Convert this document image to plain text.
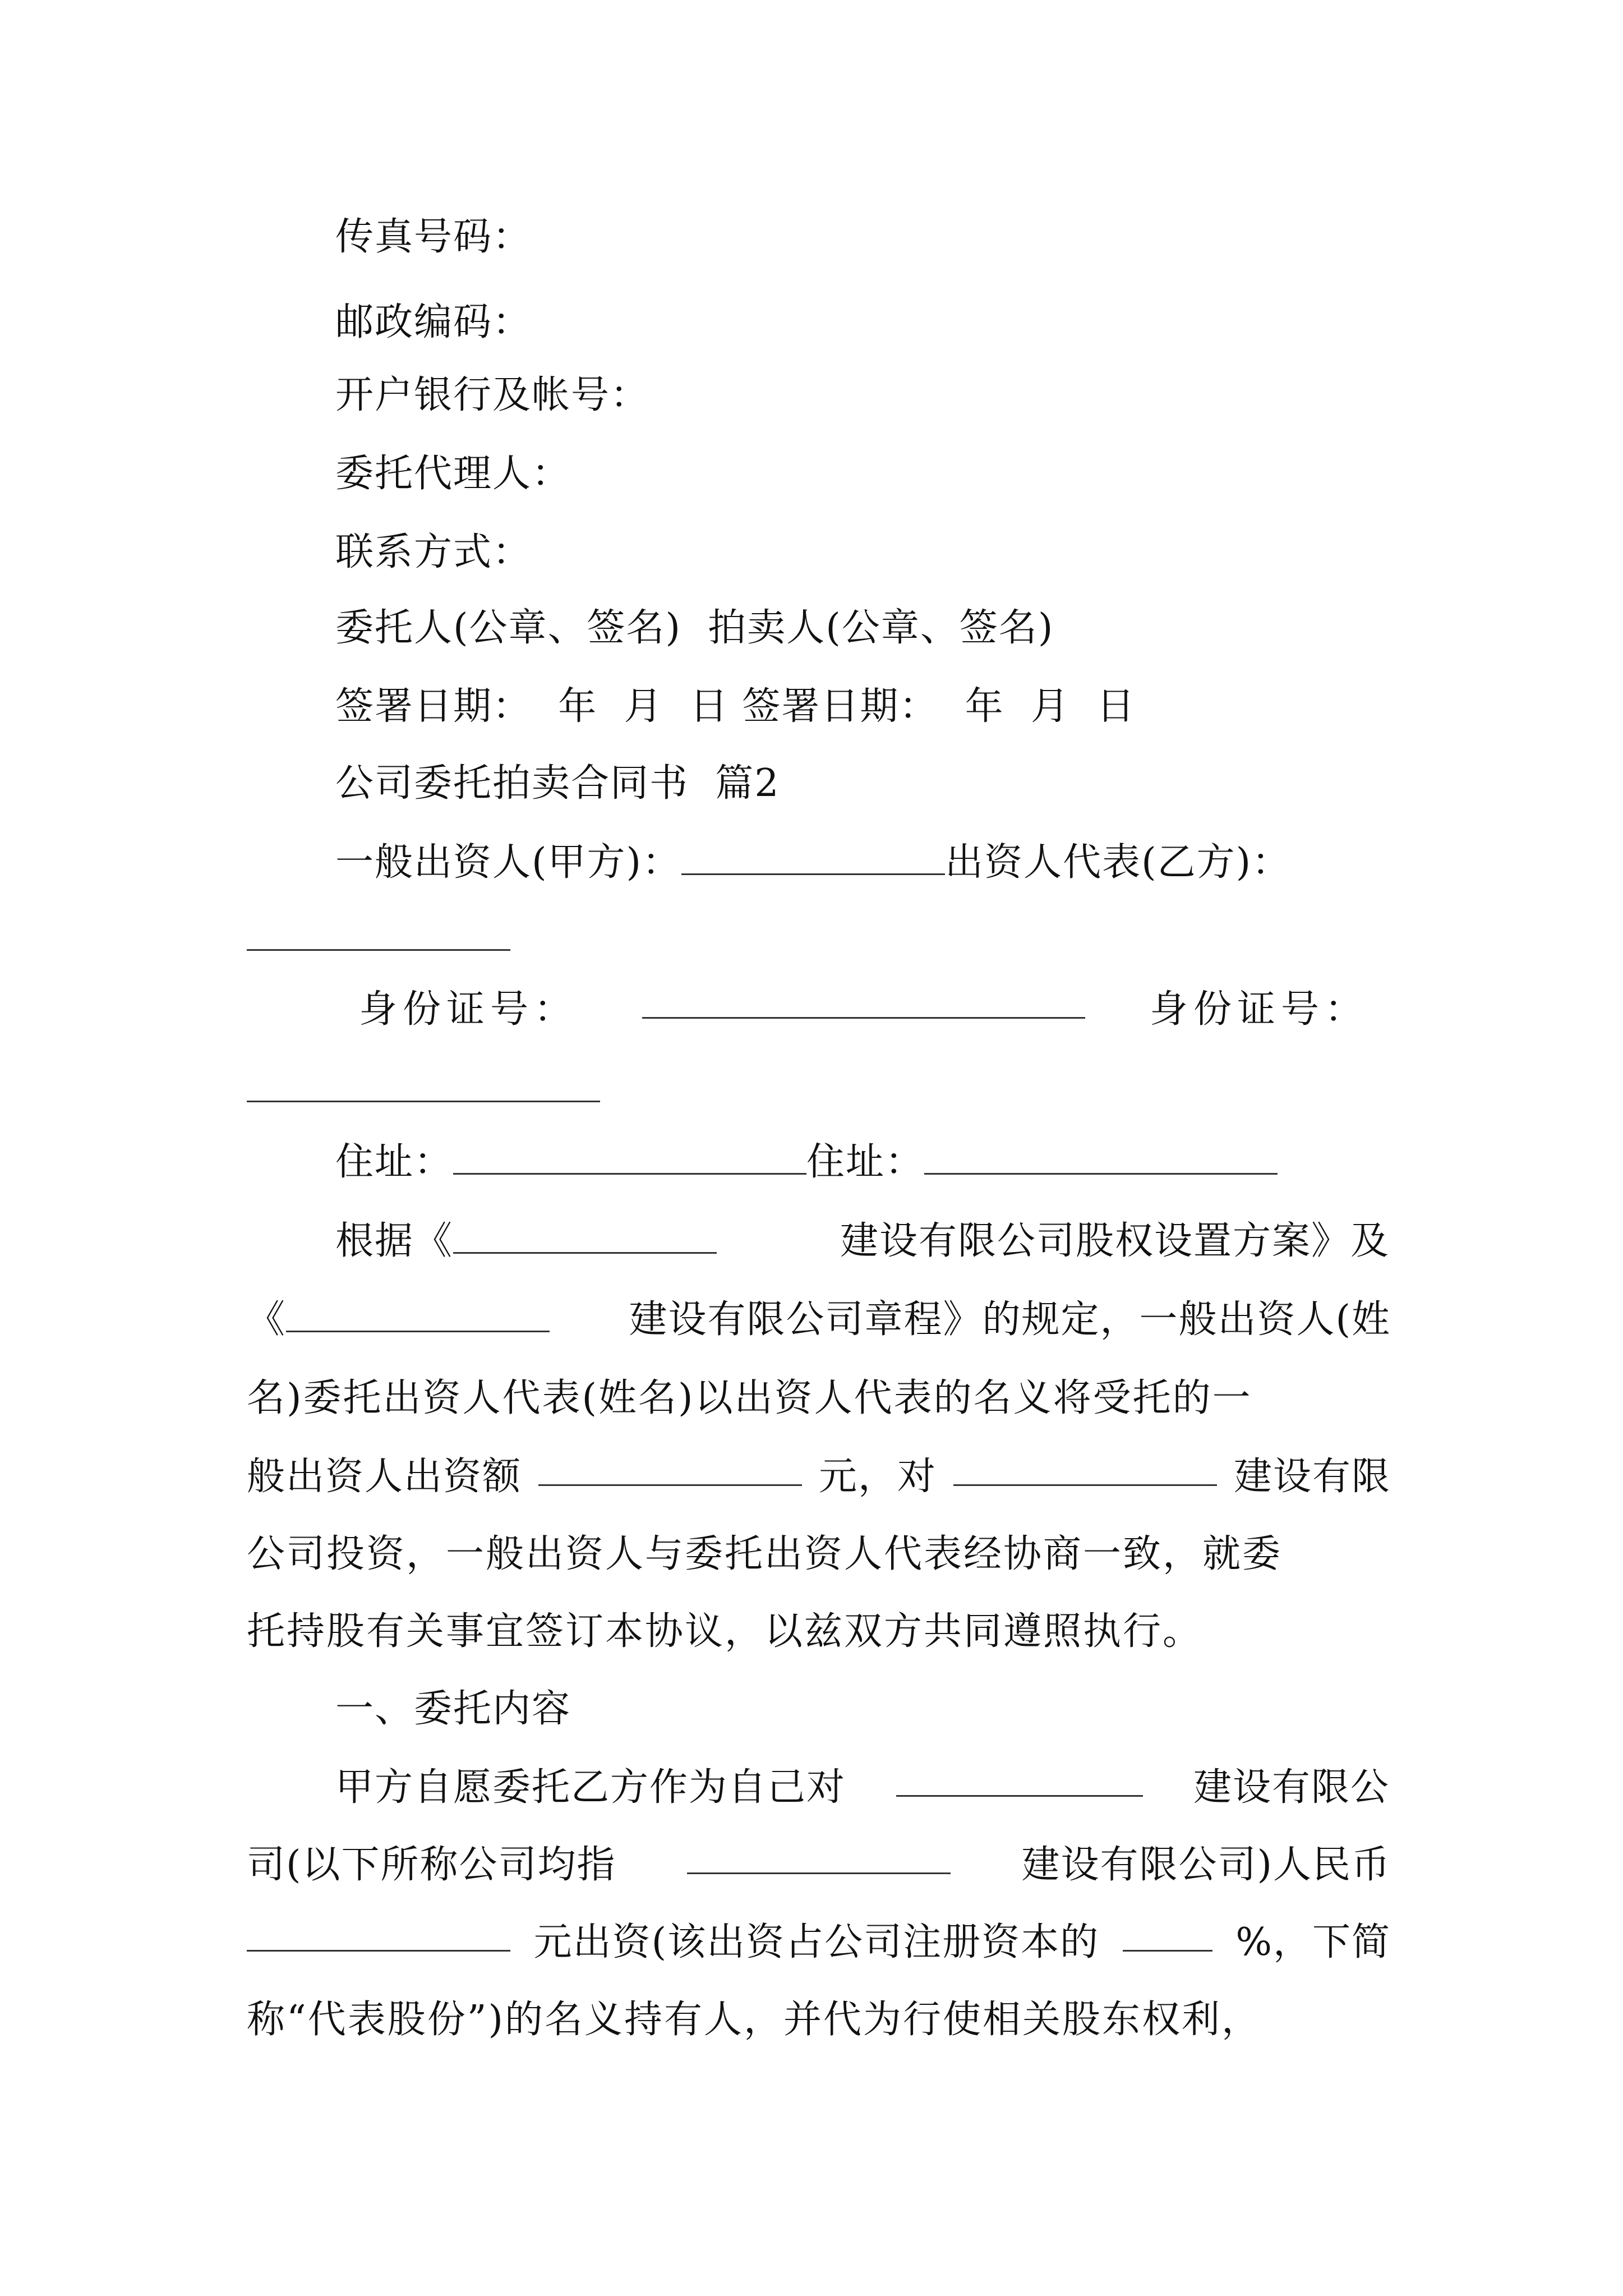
传真号码：

邮政编码：

开户银行及帐号：

委托代理人：

联系方式：

委托人(公章、签名) 拍卖人(公章、签名)

签署日期： 年 月 日 签署日期： 年 月 日

公司委托拍卖合同书 篇2

一般出资人(甲方)：	出资人代表(乙方)：

身份证号：	身份证号：

住址：	住址：

根据《	建设有限公司股权设置方案》及
《	建设有限公司章程》的规定，一般出资人(姓

名)委托出资人代表(姓名)以出资人代表的名义将受托的一

般出资人出资额	元，对	建设有限

公司投资，一般出资人与委托出资人代表经协商一致，就委

托持股有关事宜签订本协议，以兹双方共同遵照执行。

一、委托内容

甲方自愿委托乙方作为自己对	建设有限公
司(以下所称公司均指	建设有限公司)人民币
元出资(该出资占公司注册资本的	%，下简

称“代表股份”)的名义持有人，并代为行使相关股东权利，
